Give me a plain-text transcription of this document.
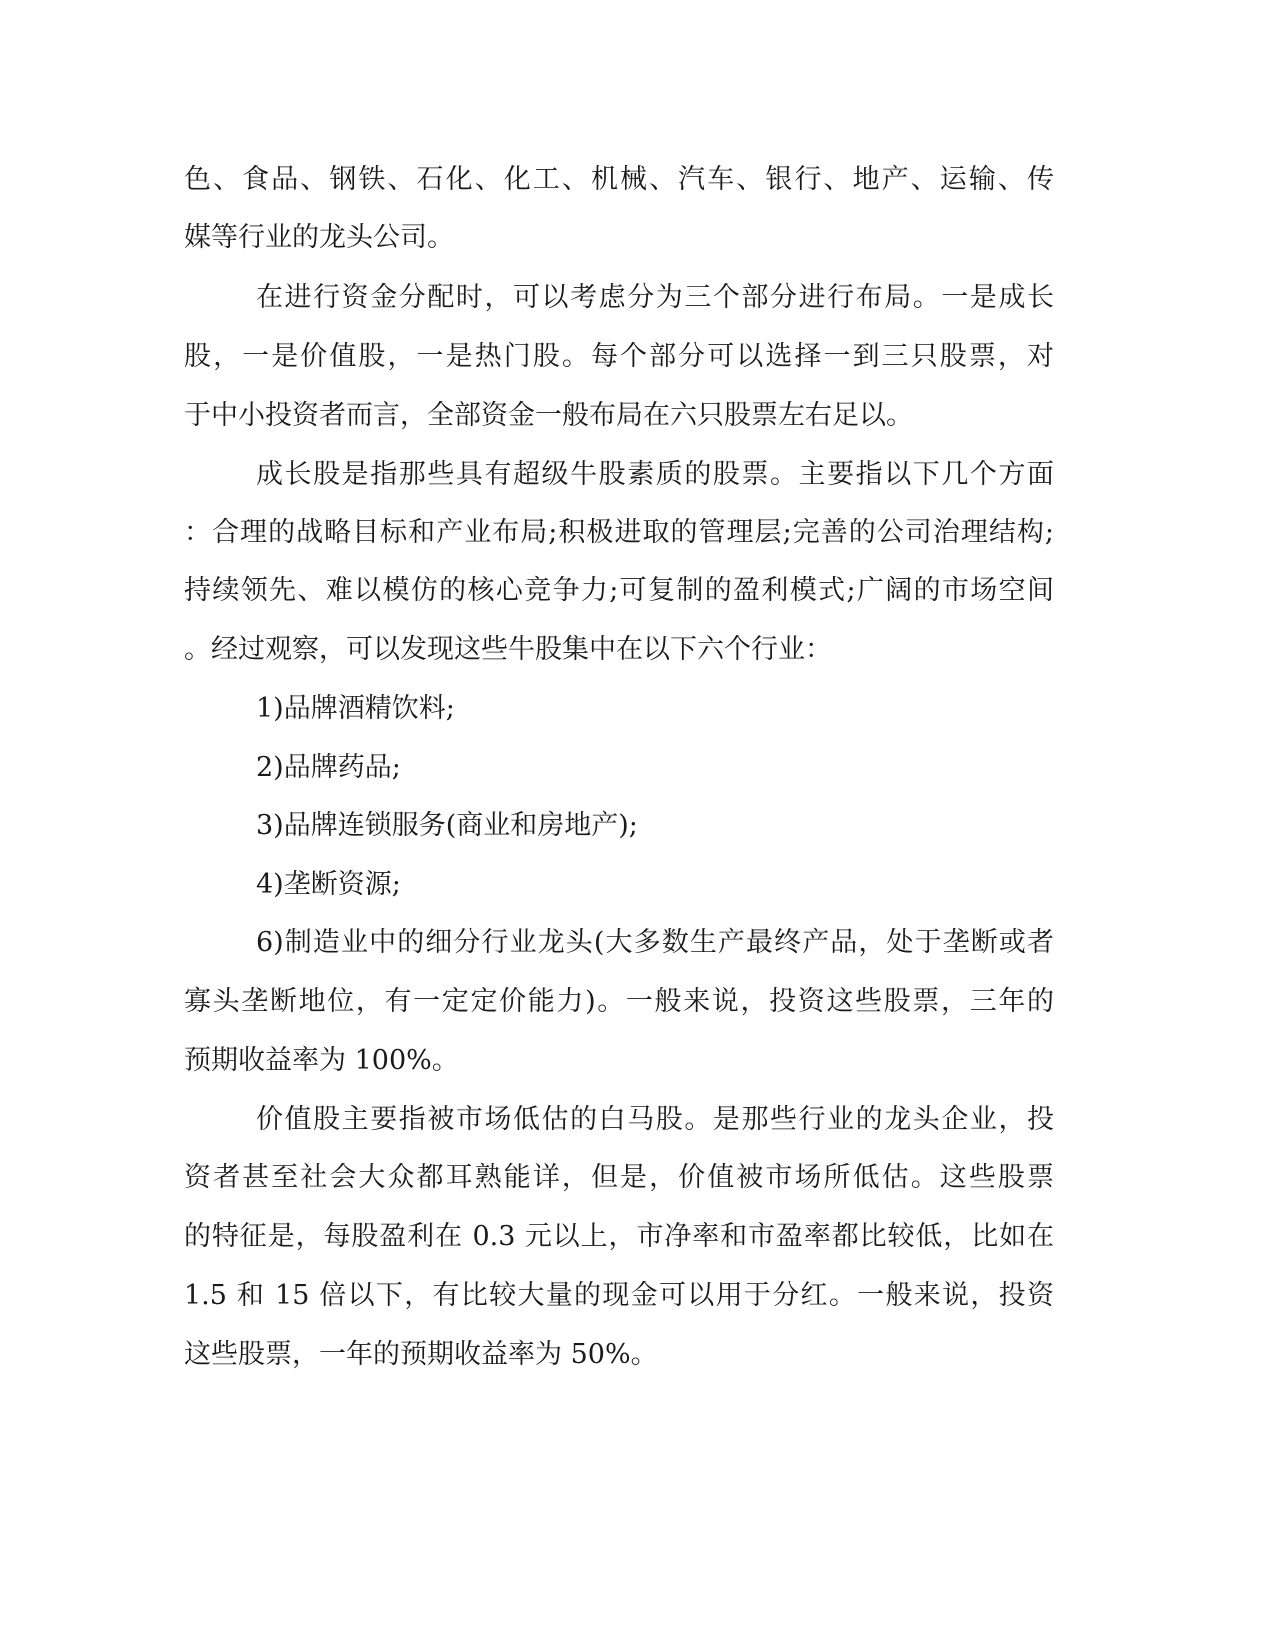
色、食品、钢铁、石化、化工、机械、汽车、银行、地产、运输、传
媒等行业的龙头公司。
在进行资金分配时，可以考虑分为三个部分进行布局。一是成长
股，一是价值股，一是热门股。每个部分可以选择一到三只股票，对
于中小投资者而言，全部资金一般布局在六只股票左右足以。
成长股是指那些具有超级牛股素质的股票。主要指以下几个方面
：合理的战略目标和产业布局;积极进取的管理层;完善的公司治理结构;
持续领先、难以模仿的核心竞争力;可复制的盈利模式;广阔的市场空间
。经过观察，可以发现这些牛股集中在以下六个行业：
1)品牌酒精饮料;
2)品牌药品;
3)品牌连锁服务(商业和房地产);
4)垄断资源;
6)制造业中的细分行业龙头(大多数生产最终产品，处于垄断或者
寡头垄断地位，有一定定价能力)。一般来说，投资这些股票，三年的
预期收益率为 100%。
价值股主要指被市场低估的白马股。是那些行业的龙头企业，投
资者甚至社会大众都耳熟能详，但是，价值被市场所低估。这些股票
的特征是，每股盈利在 0.3 元以上，市净率和市盈率都比较低，比如在
1.5 和 15 倍以下，有比较大量的现金可以用于分红。一般来说，投资
这些股票，一年的预期收益率为 50%。
